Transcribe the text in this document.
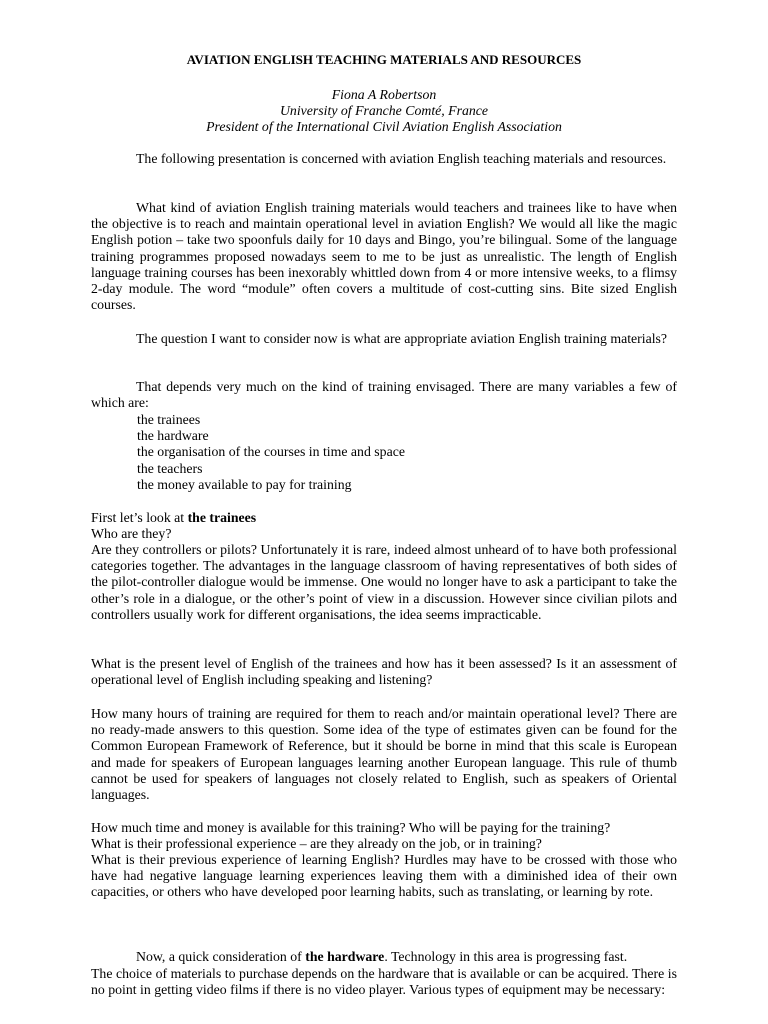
AVIATION ENGLISH TEACHING MATERIALS AND RESOURCES
Fiona A Robertson
University of Franche Comté, France
President of the International Civil Aviation English Association

The following presentation is concerned with aviation English teaching materials and resources.

What kind of aviation English training materials would teachers and trainees like to have when the objective is to reach and maintain operational level in aviation English? We would all like the magic English potion – take two spoonfuls daily for 10 days and Bingo, you’re bilingual. Some of the language training programmes proposed nowadays seem to me to be just as unrealistic. The length of English language training courses has been inexorably whittled down from 4 or more intensive weeks, to a flimsy 2-day module. The word “module” often covers a multitude of cost-cutting sins. Bite sized English courses.

The question I want to consider now is what are appropriate aviation English training materials?

That depends very much on the kind of training envisaged. There are many variables a few of which are:

the trainees
the hardware
the organisation of the courses in time and space
the teachers
the money available to pay for training

First let’s look at the trainees

Who are they?

Are they controllers or pilots? Unfortunately it is rare, indeed almost unheard of to have both professional categories together. The advantages in the language classroom of having representatives of both sides of the pilot-controller dialogue would be immense. One would no longer have to ask a participant to take the other’s role in a dialogue, or the other’s point of view in a discussion. However since civilian pilots and controllers usually work for different organisations, the idea seems impracticable.

What is the present level of English of the trainees and how has it been assessed? Is it an assessment of operational level of English including speaking and listening?

How many hours of training are required for them to reach and/or maintain operational level? There are no ready-made answers to this question. Some idea of the type of estimates given can be found for the Common European Framework of Reference, but it should be borne in mind that this scale is European and made for speakers of European languages learning another European language. This rule of thumb cannot be used for speakers of languages not closely related to English, such as speakers of Oriental languages.

How much time and money is available for this training? Who will be paying for the training?

What is their professional experience – are they already on the job, or in training?

What is their previous experience of learning English? Hurdles may have to be crossed with those who have had negative language learning experiences leaving them with a diminished idea of their own capacities, or others who have developed poor learning habits, such as translating, or learning by rote.

Now, a quick consideration of the hardware. Technology in this area is progressing fast.

The choice of materials to purchase depends on the hardware that is available or can be acquired. There is no point in getting video films if there is no video player. Various types of equipment may be necessary:
